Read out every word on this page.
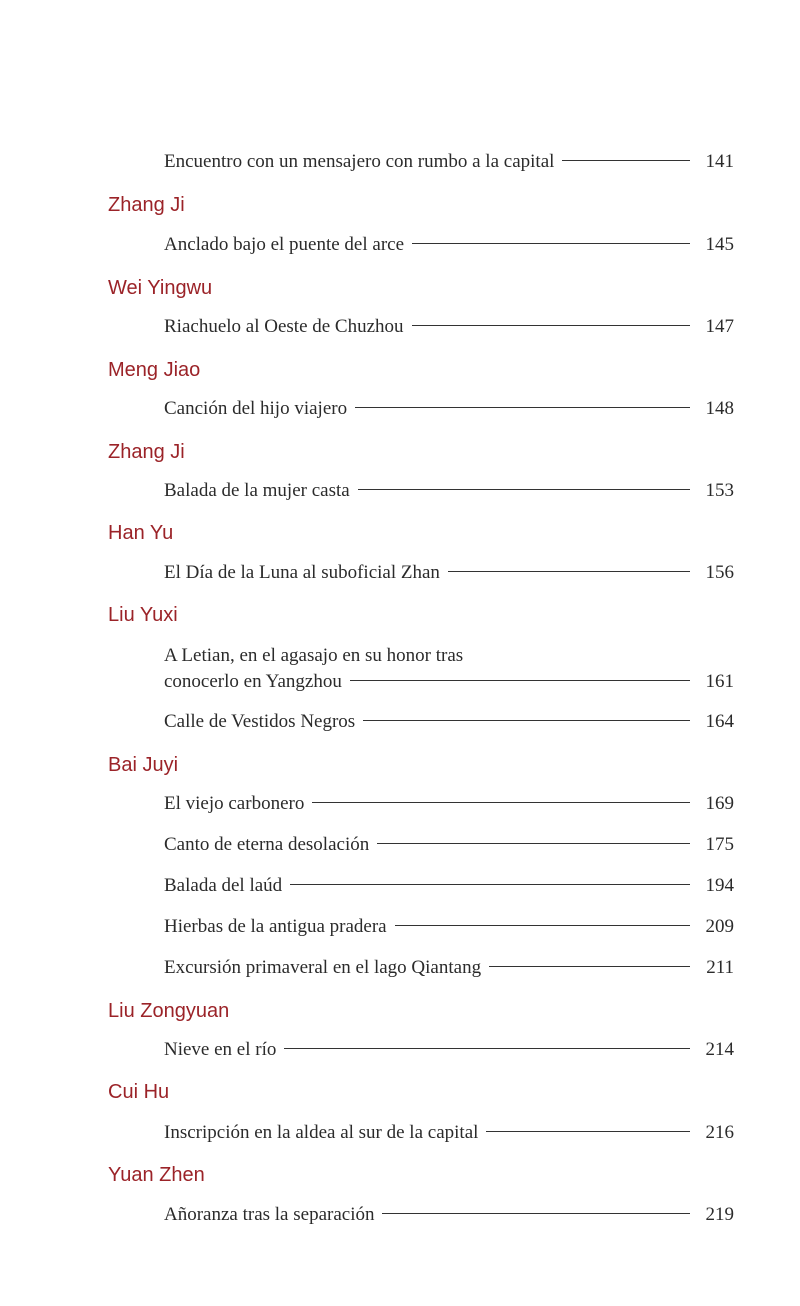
Encuentro con un mensajero con rumbo a la capital	141
Zhang Ji
Anclado bajo el puente del arce	145
Wei Yingwu
Riachuelo al Oeste de Chuzhou	147
Meng Jiao
Canción del hijo viajero	148
Zhang Ji
Balada de la mujer casta	153
Han Yu
El Día de la Luna al suboficial Zhan	156
Liu Yuxi
A Letian, en el agasajo en su honor tras
conocerlo en Yangzhou	161
Calle de Vestidos Negros	164
Bai Juyi
El viejo carbonero	169
Canto de eterna desolación	175
Balada del laúd	194
Hierbas de la antigua pradera	209
Excursión primaveral en el lago Qiantang	211
Liu Zongyuan
Nieve en el río	214
Cui Hu
Inscripción en la aldea al sur de la capital	216
Yuan Zhen
Añoranza tras la separación	219
